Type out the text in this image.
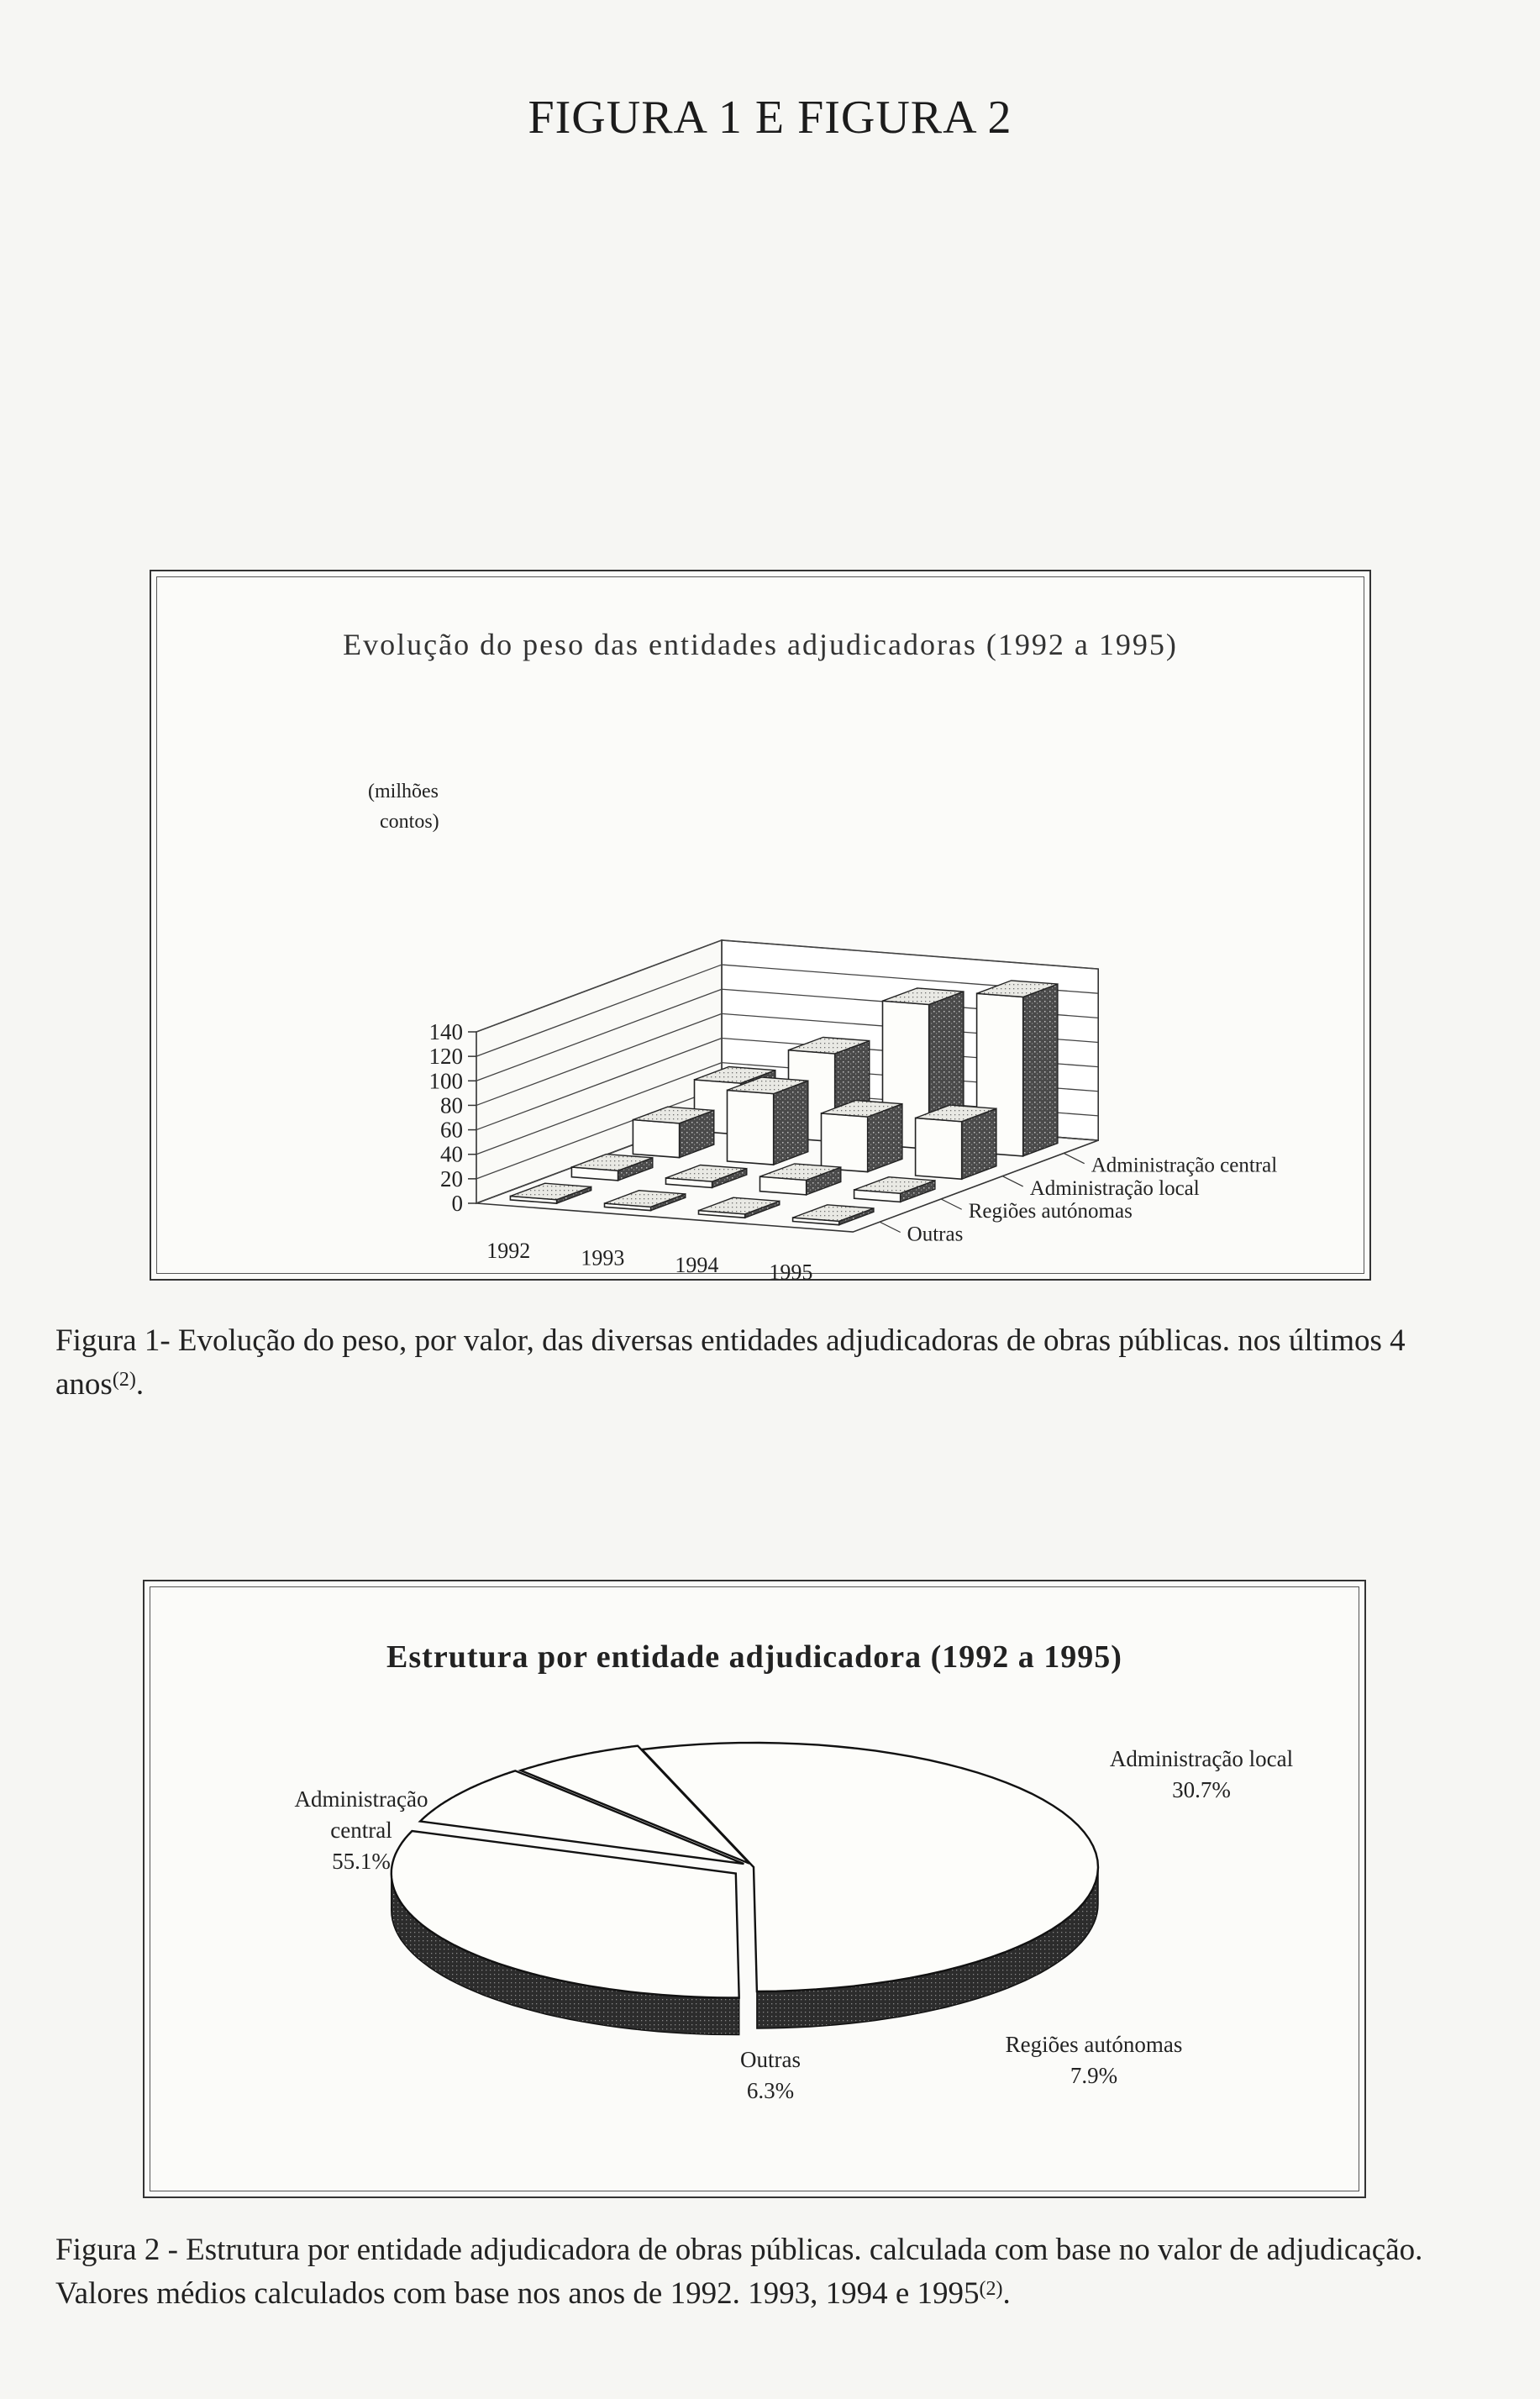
FIGURA 1 E FIGURA 2
Evolução do peso das entidades adjudicadoras (1992 a 1995)
0
20
40
60
80
100
120
140
(milhões
contos)
1992 1993 1994 1995
Outras
Regiões autónomas
Administração local
Administração central
Figura 1- Evolução do peso, por valor, das diversas entidades adjudicadoras de obras públicas. nos últimos 4 anos$^{(2)}$.
Estrutura por entidade adjudicadora (1992 a 1995)
Administração
central
55.1%
Administração local
30.7%
Regiões autónomas
7.9%
Outras
6.3%
Figura 2 - Estrutura por entidade adjudicadora de obras públicas. calculada com base no valor de adjudicação. Valores médios calculados com base nos anos de 1992. 1993, 1994 e 1995$^{(2)}$.
